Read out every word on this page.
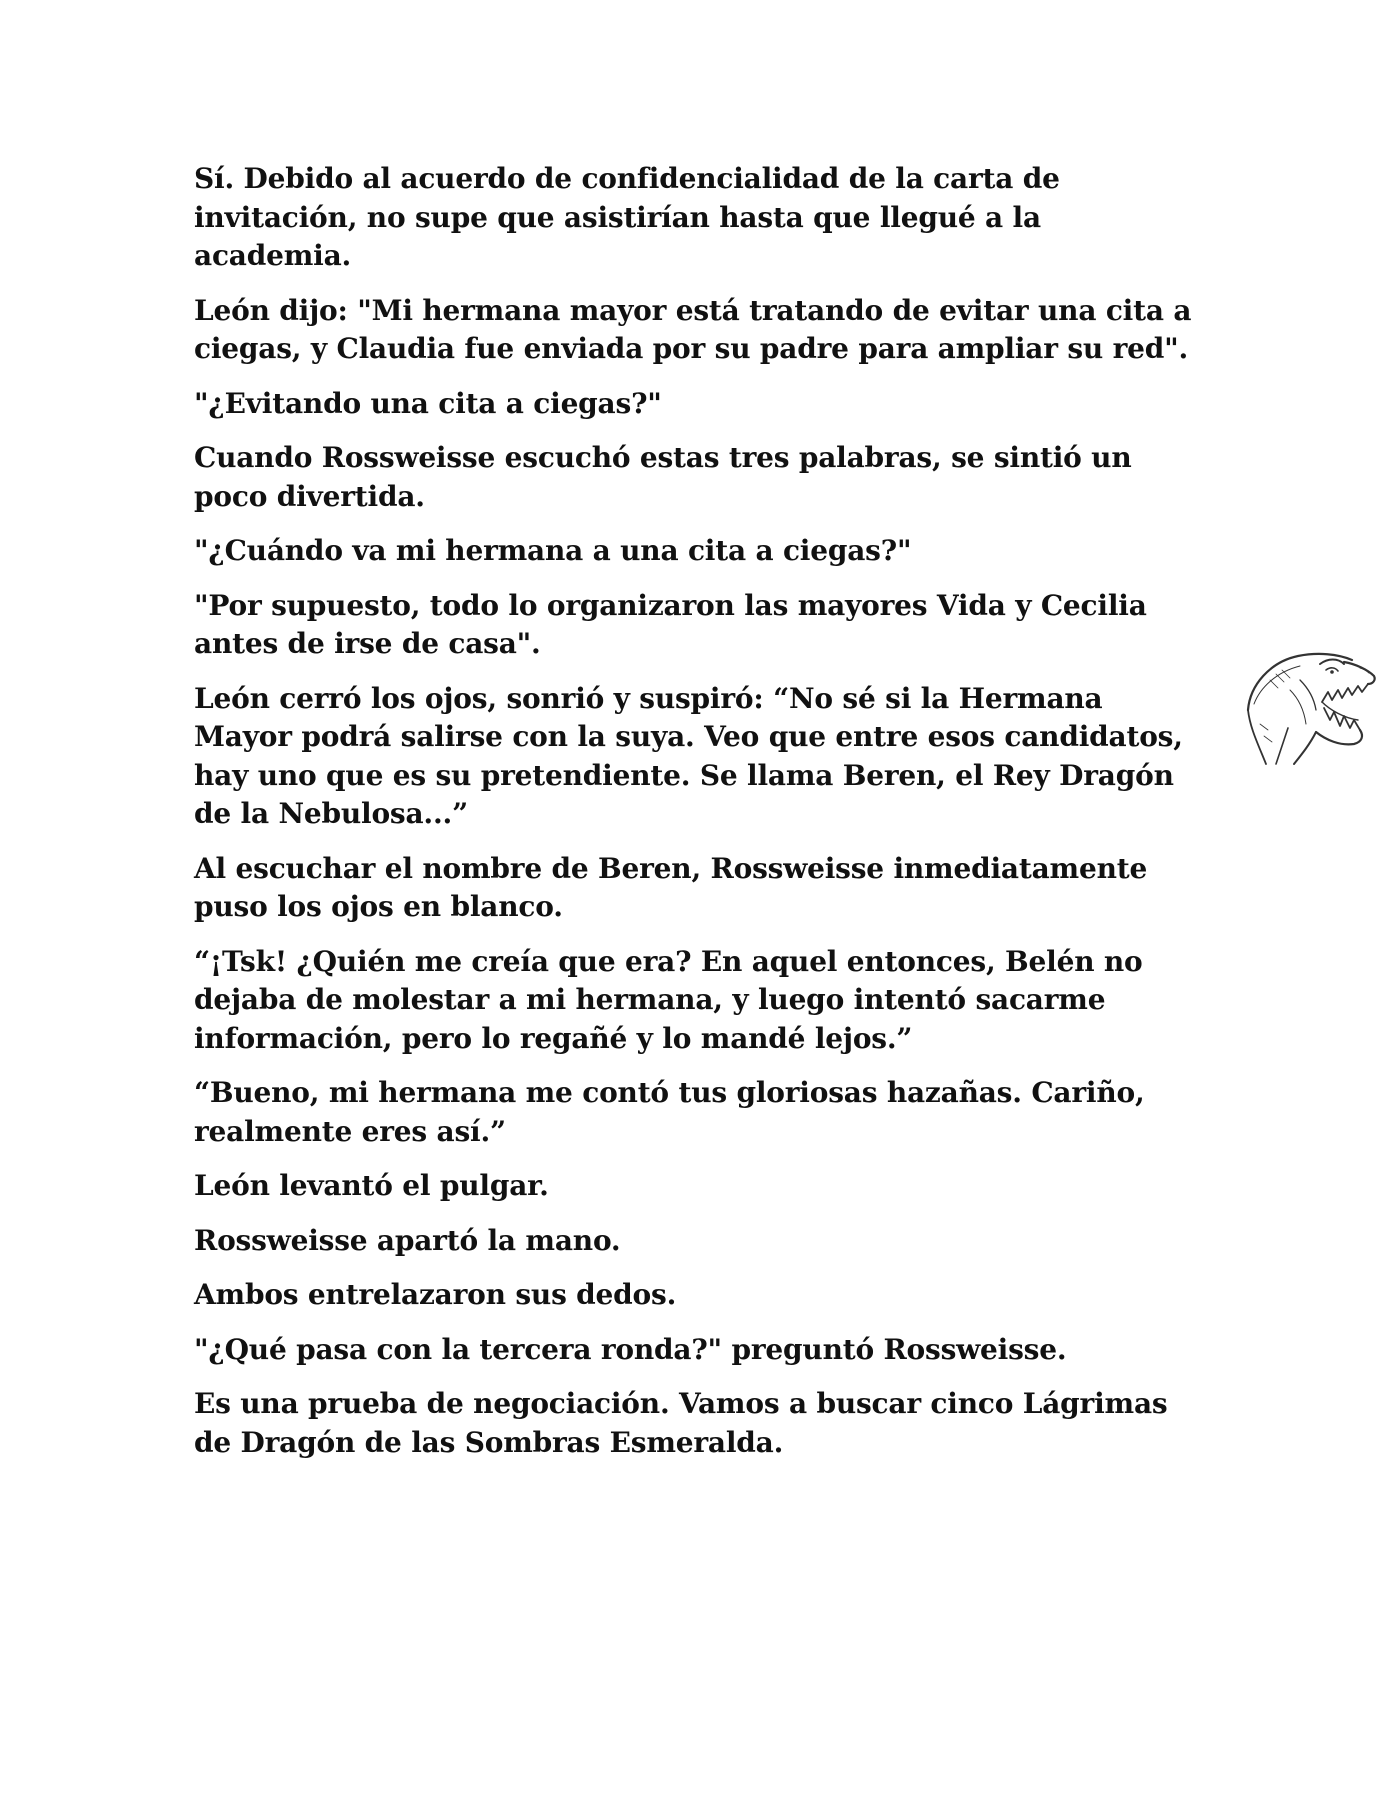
Sí. Debido al acuerdo de confidencialidad de la carta de invitación, no supe que asistirían hasta que llegué a la academia.

León dijo: "Mi hermana mayor está tratando de evitar una cita a ciegas, y Claudia fue enviada por su padre para ampliar su red".

"¿Evitando una cita a ciegas?"

Cuando Rossweisse escuchó estas tres palabras, se sintió un poco divertida.

"¿Cuándo va mi hermana a una cita a ciegas?"

"Por supuesto, todo lo organizaron las mayores Vida y Cecilia antes de irse de casa".

León cerró los ojos, sonrió y suspiró: “No sé si la Hermana Mayor podrá salirse con la suya. Veo que entre esos candidatos, hay uno que es su pretendiente. Se llama Beren, el Rey Dragón de la Nebulosa...”

Al escuchar el nombre de Beren, Rossweisse inmediatamente puso los ojos en blanco.

“¡Tsk! ¿Quién me creía que era? En aquel entonces, Belén no dejaba de molestar a mi hermana, y luego intentó sacarme información, pero lo regañé y lo mandé lejos.”

“Bueno, mi hermana me contó tus gloriosas hazañas. Cariño, realmente eres así.”

León levantó el pulgar.

Rossweisse apartó la mano.

Ambos entrelazaron sus dedos.

"¿Qué pasa con la tercera ronda?" preguntó Rossweisse.

Es una prueba de negociación. Vamos a buscar cinco Lágrimas de Dragón de las Sombras Esmeralda.
